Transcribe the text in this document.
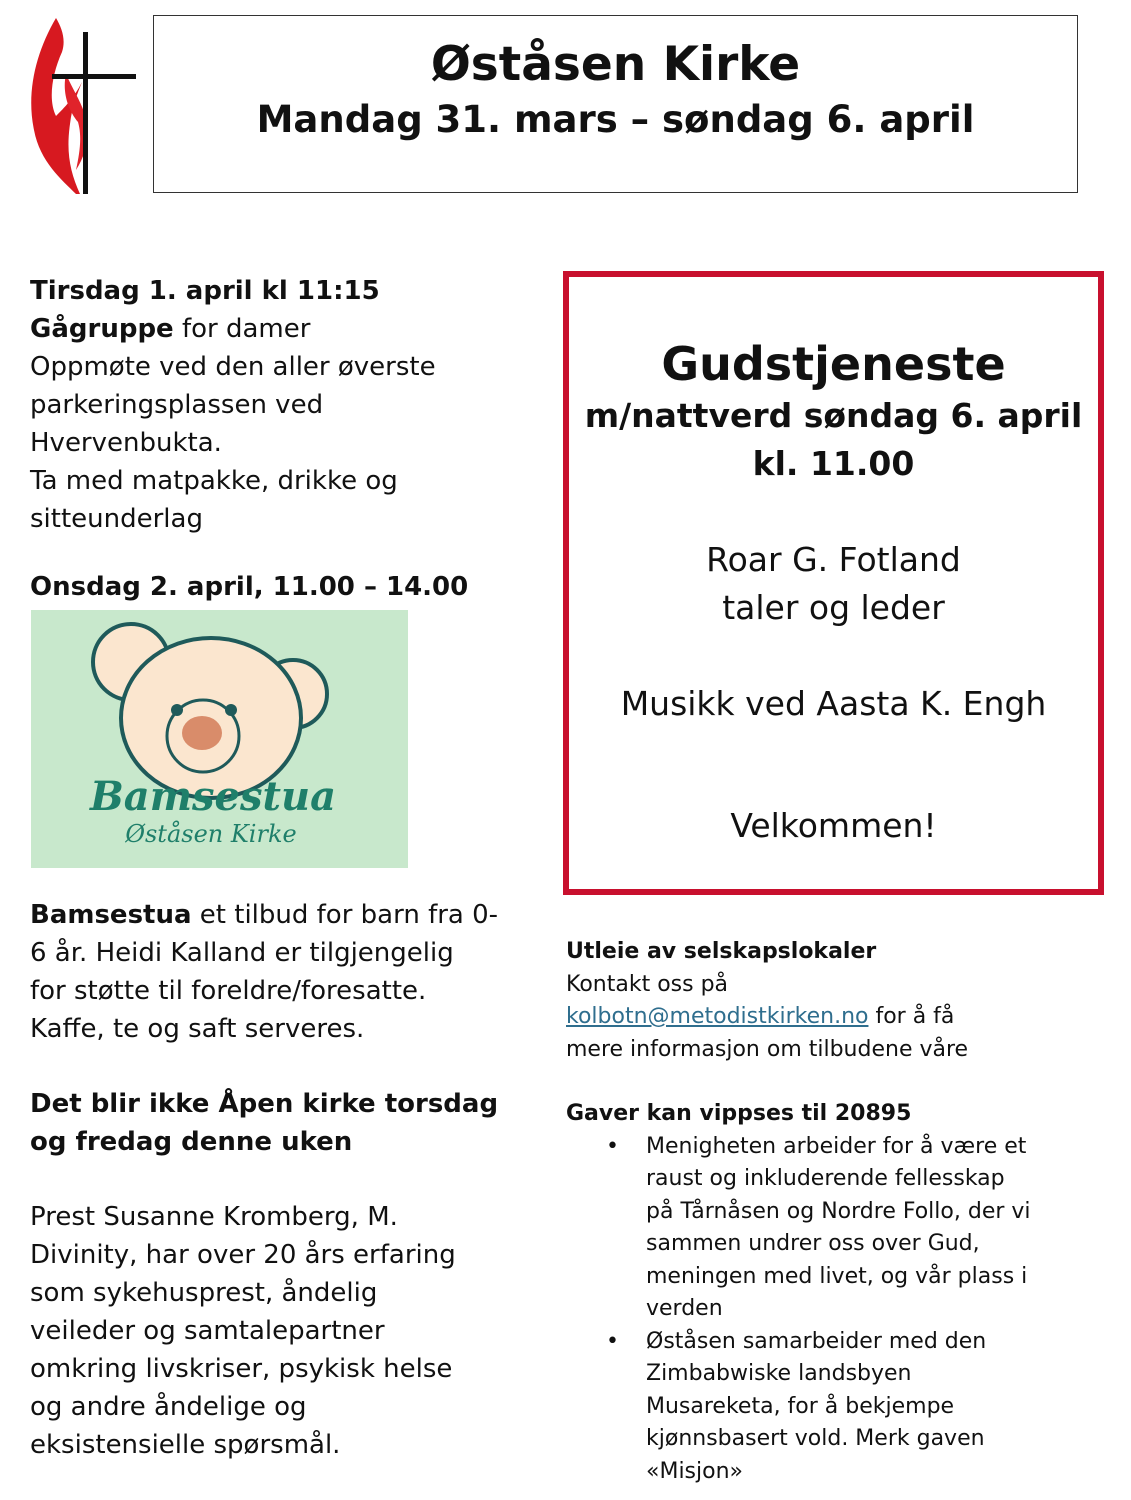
Øståsen Kirke
Mandag 31. mars – søndag 6. april

Tirsdag 1. april kl 11:15

Gågruppe for damer

Oppmøte ved den aller øverste

parkeringsplassen ved

Hvervenbukta.

Ta med matpakke, drikke og

sitteunderlag

Onsdag 2. april, 11.00 – 14.00

Bamsestua
Øståsen Kirke

Bamsestua et tilbud for barn fra 0-

6 år. Heidi Kalland er tilgjengelig

for støtte til foreldre/foresatte.

Kaffe, te og saft serveres.

Det blir ikke Åpen kirke torsdag
og fredag denne uken
Prest Susanne Kromberg, M.
Divinity, har over 20 års erfaring
som sykehusprest, åndelig
veileder og samtalepartner
omkring livskriser, psykisk helse
og andre åndelige og
eksistensielle spørsmål.
Gudstjeneste
m/nattverd søndag 6. april
kl. 11.00
Roar G. Fotland
taler og leder
Musikk ved Aasta K. Engh
Velkommen!

Utleie av selskapslokaler

Kontakt oss på

kolbotn@metodistkirken.no for å få

mere informasjon om tilbudene våre

Gaver kan vippses til 20895

• Menigheten arbeider for å være et raust og inkluderende fellesskap på Tårnåsen og Nordre Follo, der vi sammen undrer oss over Gud, meningen med livet, og vår plass i verden
• Øståsen samarbeider med den Zimbabwiske landsbyen Musareketa, for å bekjempe kjønnsbasert vold. Merk gaven «Misjon»
